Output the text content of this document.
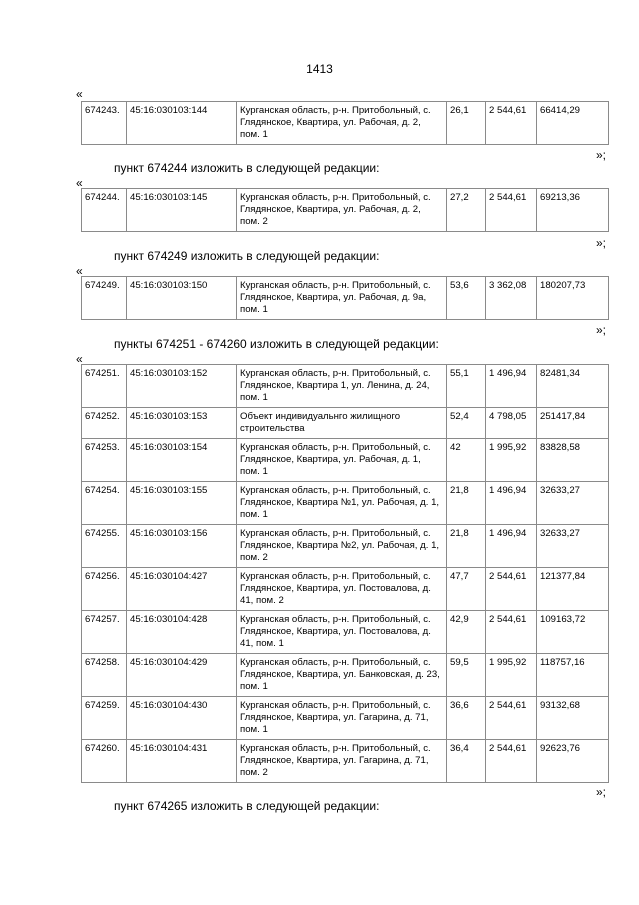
1413
«
674243.	45:16:030103:144	Курганская область, р-н. Притобольный, с. Глядянское, Квартира, ул. Рабочая, д. 2, пом. 1	26,1	2 544,61	66414,29
»;
пункт 674244 изложить в следующей редакции:
«
674244.	45:16:030103:145	Курганская область, р-н. Притобольный, с. Глядянское, Квартира, ул. Рабочая, д. 2, пом. 2	27,2	2 544,61	69213,36
»;
пункт 674249 изложить в следующей редакции:
«
674249.	45:16:030103:150	Курганская область, р-н. Притобольный, с. Глядянское, Квартира, ул. Рабочая, д. 9а, пом. 1	53,6	3 362,08	180207,73
»;
пункты 674251 - 674260 изложить в следующей редакции:
«
674251.	45:16:030103:152	Курганская область, р-н. Притобольный, с. Глядянское, Квартира 1, ул. Ленина, д. 24, пом. 1	55,1	1 496,94	82481,34
674252.	45:16:030103:153	Объект индивидуальнго жилищного строительства	52,4	4 798,05	251417,84
674253.	45:16:030103:154	Курганская область, р-н. Притобольный, с. Глядянское, Квартира, ул. Рабочая, д. 1, пом. 1	42	1 995,92	83828,58
674254.	45:16:030103:155	Курганская область, р-н. Притобольный, с. Глядянское, Квартира №1, ул. Рабочая, д. 1, пом. 1	21,8	1 496,94	32633,27
674255.	45:16:030103:156	Курганская область, р-н. Притобольный, с. Глядянское, Квартира №2, ул. Рабочая, д. 1, пом. 2	21,8	1 496,94	32633,27
674256.	45:16:030104:427	Курганская область, р-н. Притобольный, с. Глядянское, Квартира, ул. Постовалова, д. 41, пом. 2	47,7	2 544,61	121377,84
674257.	45:16:030104:428	Курганская область, р-н. Притобольный, с. Глядянское, Квартира, ул. Постовалова, д. 41, пом. 1	42,9	2 544,61	109163,72
674258.	45:16:030104:429	Курганская область, р-н. Притобольный, с. Глядянское, Квартира, ул. Банковская, д. 23, пом. 1	59,5	1 995,92	118757,16
674259.	45:16:030104:430	Курганская область, р-н. Притобольный, с. Глядянское, Квартира, ул. Гагарина, д. 71, пом. 1	36,6	2 544,61	93132,68
674260.	45:16:030104:431	Курганская область, р-н. Притобольный, с. Глядянское, Квартира, ул. Гагарина, д. 71, пом. 2	36,4	2 544,61	92623,76
»;
пункт 674265 изложить в следующей редакции:
